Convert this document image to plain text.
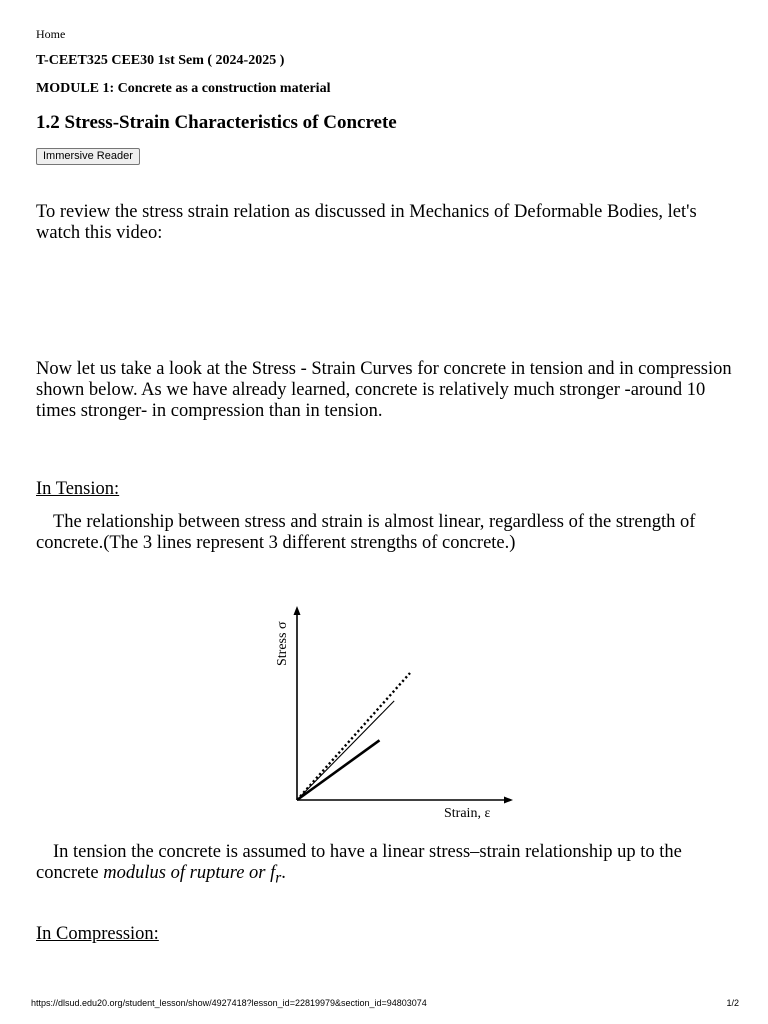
Home
T-CEET325 CEE30 1st Sem ( 2024-2025 )
MODULE 1: Concrete as a construction material
1.2 Stress-Strain Characteristics of Concrete
Immersive Reader
To review the stress strain relation as discussed in Mechanics of Deformable Bodies, let's watch this video:
Now let us take a look at the Stress - Strain Curves for concrete in tension and in compression shown below. As we have already learned, concrete is relatively much stronger -around 10 times stronger- in compression than in tension.
In Tension:
The relationship between stress and strain is almost linear, regardless of the strength of concrete.(The 3 lines represent 3 different strengths of concrete.)
Stress σ
Strain, ε
In tension the concrete is assumed to have a linear stress–strain relationship up to the concrete modulus of rupture or $f_r$.
In Compression:
https://dlsud.edu20.org/student_lesson/show/4927418?lesson_id=22819979&section_id=94803074	1/2
